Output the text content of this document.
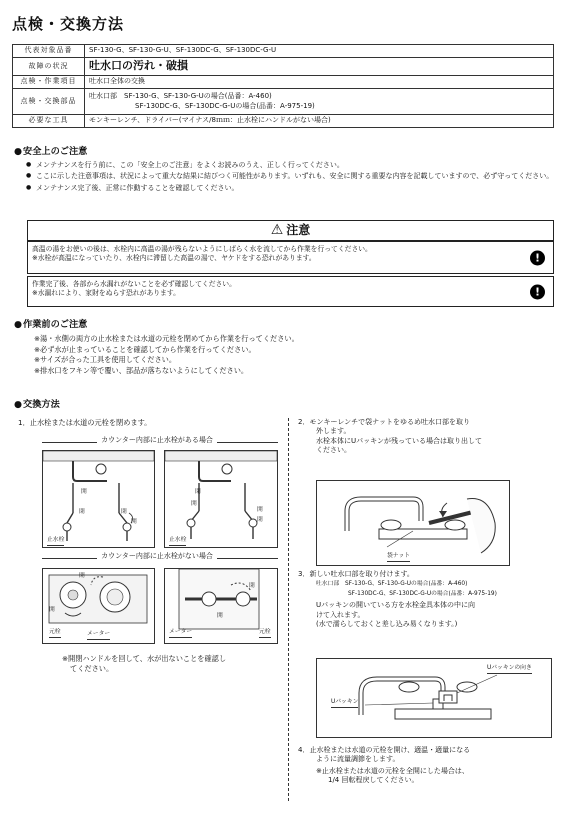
点検・交換方法
代表対象品番	SF-130-G、SF-130-G-U、SF-130DC-G、SF-130DC-G-U
故障の状況	吐水口の汚れ・破損
点検・作業項目	吐水口全体の交換
点検・交換部品	吐水口部　SF-130-G、SF-130-G-Uの場合(品番：A-460)
SF-130DC-G、SF-130DC-G-Uの場合(品番：A-975-19)

必要な工具	モンキーレンチ、ドライバー(マイナス/8ｍｍ：止水栓にハンドルがない場合)
● 安全上のご注意
● メンテナンスを行う前に、この「安全上のご注意」をよくお読みのうえ、正しく行ってください。
● ここに示した注意事項は、状況によって重大な結果に結びつく可能性があります。いずれも、安全に関する重要な内容を記載していますので、必ず守ってください。
● メンテナンス完了後、正常に作動することを確認してください。
⚠ 注意
高温の湯をお使いの後は、水栓内に高温の湯が残らないようにしばらく水を流してから作業を行ってください。
※水栓が高温になっていたり、水栓内に滞留した高温の湯で、ヤケドをする恐れがあります。	!
作業完了後、各部から水漏れがないことを必ず確認してください。
※水漏れにより、家財をぬらす恐れがあります。	!
● 作業前のご注意
※湯・水側の両方の止水栓または水道の元栓を閉めてから作業を行ってください。
※必ず水が止まっていることを確認してから作業を行ってください。
※サイズが合った工具を使用してください。
※排水口をフキン等で覆い、部品が落ちないようにしてください。
● 交換方法
1．止水栓または水道の元栓を閉めます。
カウンター内部に止水栓がある場合
開
閉	閉
開
止水栓
閉
開
開
閉
止水栓
カウンター内部に止水栓がない場合
閉
開
元栓	メーター
閉
開
メーター	元栓
※開閉ハンドルを回して、水が出ないことを確認し
てください。
2．モンキーレンチで袋ナットをゆるめ吐水口部を取り
外します。
水栓本体にUパッキンが残っている場合は取り出して
ください。
袋ナット
3．新しい吐水口部を取り付けます。
吐水口部　SF-130-G、SF-130-G-Uの場合(品番：A-460)
SF-130DC-G、SF-130DC-G-Uの場合(品番：A-975-19)
Uパッキンの開いている方を水栓金具本体の中に向
けて入れます。
(水で濡らしておくと差し込み易くなります。)
Uパッキン
Uパッキンの向き
4．止水栓または水道の元栓を開け、適温・適量になる
ように流量調節をします。
※止水栓または水道の元栓を全開にした場合は、
1/4 回転程戻してください。
